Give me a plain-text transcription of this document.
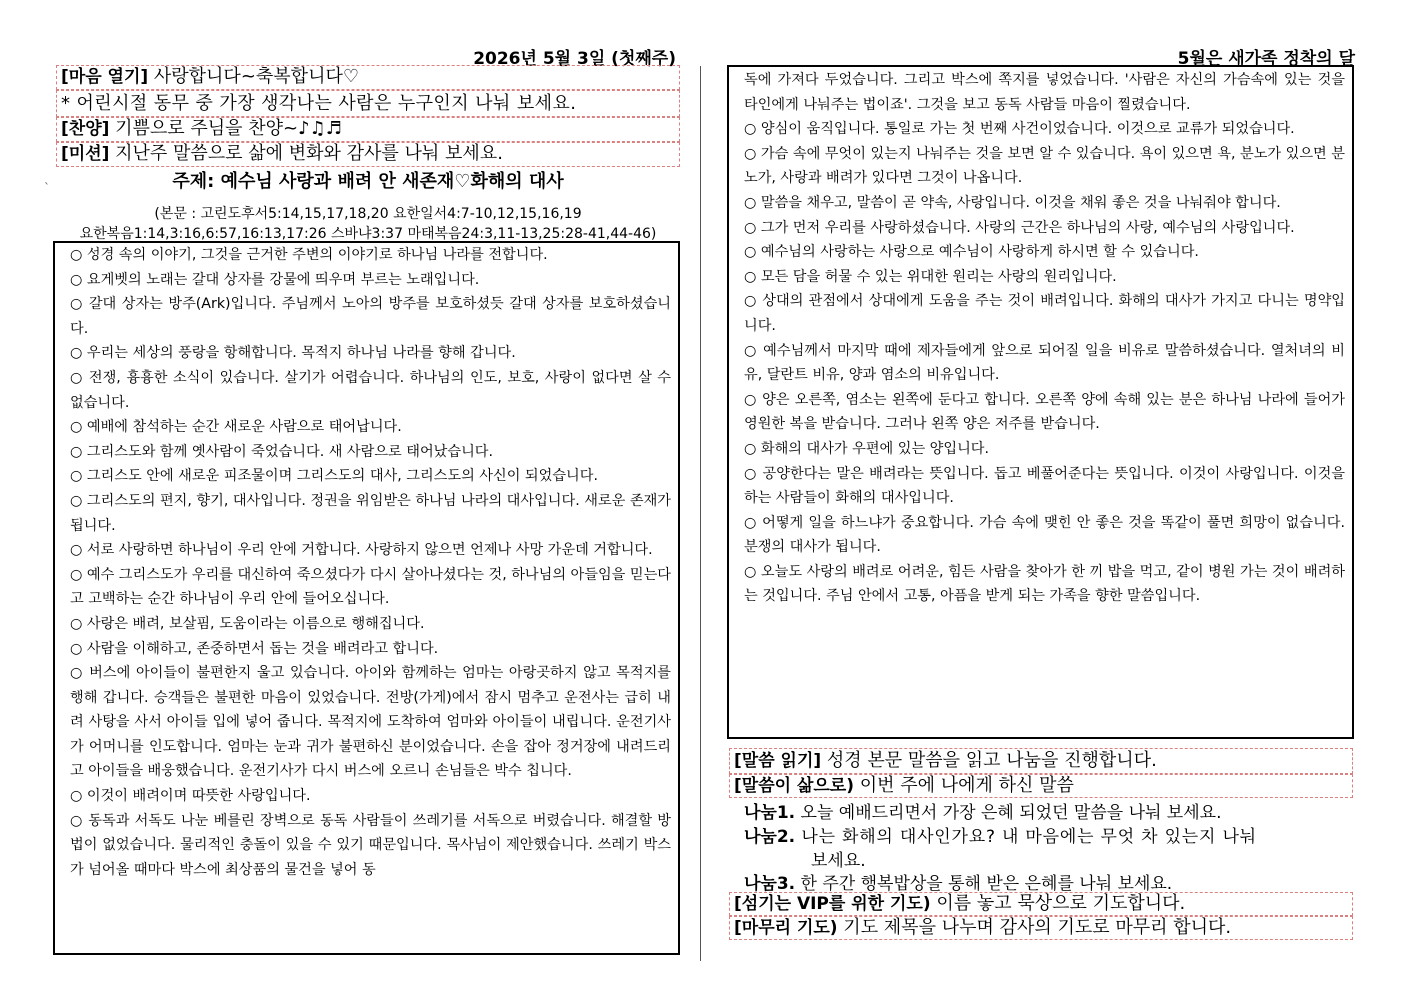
2026년 5월 3일 (첫째주)	5월은 새가족 정착의 달
[마음 열기] 사랑합니다~축복합니다♡
* 어린시절 동무 중 가장 생각나는 사람은 누구인지 나눠 보세요.
[찬양] 기쁨으로 주님을 찬양~♪♫♬
[미션] 지난주 말씀으로 삶에 변화와 감사를 나눠 보세요.
`	주제: 예수님 사랑과 배려 안 새존재♡화해의 대사
(본문 : 고린도후서5:14,15,17,18,20 요한일서4:7-10,12,15,16,19
요한복음1:14,3:16,6:57,16:13,17:26 스바냐3:37 마태복음24:3,11-13,25:28-41,44-46)

○ 성경 속의 이야기, 그것을 근거한 주변의 이야기로 하나님 나라를 전합니다.

○ 요게벳의 노래는 갈대 상자를 강물에 띄우며 부르는 노래입니다.

○ 갈대 상자는 방주(Ark)입니다. 주님께서 노아의 방주를 보호하셨듯 갈대 상자를 보호하셨습니다.

○ 우리는 세상의 풍랑을 항해합니다. 목적지 하나님 나라를 향해 갑니다.

○ 전쟁, 흉흉한 소식이 있습니다. 살기가 어렵습니다. 하나님의 인도, 보호, 사랑이 없다면 살 수 없습니다.

○ 예배에 참석하는 순간 새로운 사람으로 태어납니다.

○ 그리스도와 함께 옛사람이 죽었습니다. 새 사람으로 태어났습니다.

○ 그리스도 안에 새로운 피조물이며 그리스도의 대사, 그리스도의 사신이 되었습니다.

○ 그리스도의 편지, 향기, 대사입니다. 정권을 위임받은 하나님 나라의 대사입니다. 새로운 존재가 됩니다.

○ 서로 사랑하면 하나님이 우리 안에 거합니다. 사랑하지 않으면 언제나 사망 가운데 거합니다.

○ 예수 그리스도가 우리를 대신하여 죽으셨다가 다시 살아나셨다는 것, 하나님의 아들임을 믿는다고 고백하는 순간 하나님이 우리 안에 들어오십니다.

○ 사랑은 배려, 보살핌, 도움이라는 이름으로 행해집니다.

○ 사람을 이해하고, 존중하면서 돕는 것을 배려라고 합니다.

○ 버스에 아이들이 불편한지 울고 있습니다. 아이와 함께하는 엄마는 아랑곳하지 않고 목적지를 행해 갑니다. 승객들은 불편한 마음이 있었습니다. 전방(가게)에서 잠시 멈추고 운전사는 급히 내려 사탕을 사서 아이들 입에 넣어 줍니다. 목적지에 도착하여 엄마와 아이들이 내립니다. 운전기사가 어머니를 인도합니다. 엄마는 눈과 귀가 불편하신 분이었습니다. 손을 잡아 정거장에 내려드리고 아이들을 배웅했습니다. 운전기사가 다시 버스에 오르니 손님들은 박수 칩니다.

○ 이것이 배려이며 따뜻한 사랑입니다.

○ 동독과 서독도 나눈 베를린 장벽으로 동독 사람들이 쓰레기를 서독으로 버렸습니다. 해결할 방법이 없었습니다. 물리적인 충돌이 있을 수 있기 때문입니다. 목사님이 제안했습니다. 쓰레기 박스가 넘어올 때마다 박스에 최상품의 물건을 넣어 동

독에 가져다 두었습니다. 그리고 박스에 쪽지를 넣었습니다. '사람은 자신의 가슴속에 있는 것을 타인에게 나눠주는 법이죠'. 그것을 보고 동독 사람들 마음이 찔렸습니다.

○ 양심이 움직입니다. 통일로 가는 첫 번째 사건이었습니다. 이것으로 교류가 되었습니다.

○ 가슴 속에 무엇이 있는지 나눠주는 것을 보면 알 수 있습니다. 욕이 있으면 욕, 분노가 있으면 분노가, 사랑과 배려가 있다면 그것이 나옵니다.

○ 말씀을 채우고, 말씀이 곧 약속, 사랑입니다. 이것을 채워 좋은 것을 나눠줘야 합니다.

○ 그가 먼저 우리를 사랑하셨습니다. 사랑의 근간은 하나님의 사랑, 예수님의 사랑입니다.

○ 예수님의 사랑하는 사랑으로 예수님이 사랑하게 하시면 할 수 있습니다.

○ 모든 담을 허물 수 있는 위대한 원리는 사랑의 원리입니다.

○ 상대의 관점에서 상대에게 도움을 주는 것이 배려입니다. 화해의 대사가 가지고 다니는 명약입니다.

○ 예수님께서 마지막 때에 제자들에게 앞으로 되어질 일을 비유로 말씀하셨습니다. 열처녀의 비유, 달란트 비유, 양과 염소의 비유입니다.

○ 양은 오른쪽, 염소는 왼쪽에 둔다고 합니다. 오른쪽 양에 속해 있는 분은 하나님 나라에 들어가 영원한 복을 받습니다. 그러나 왼쪽 양은 저주를 받습니다.

○ 화해의 대사가 우편에 있는 양입니다.

○ 공양한다는 말은 배려라는 뜻입니다. 돕고 베풀어준다는 뜻입니다. 이것이 사랑입니다. 이것을 하는 사람들이 화해의 대사입니다.

○ 어떻게 일을 하느냐가 중요합니다. 가슴 속에 맺힌 안 좋은 것을 똑같이 풀면 희망이 없습니다. 분쟁의 대사가 됩니다.

○ 오늘도 사랑의 배려로 어려운, 힘든 사람을 찾아가 한 끼 밥을 먹고, 같이 병원 가는 것이 배려하는 것입니다. 주님 안에서 고통, 아픔을 받게 되는 가족을 향한 말씀입니다.

[말씀 읽기] 성경 본문 말씀을 읽고 나눔을 진행합니다.
[말씀이 삶으로) 이번 주에 나에게 하신 말씀
나눔1. 오늘 예배드리면서 가장 은혜 되었던 말씀을 나눠 보세요.
나눔2. 나는 화해의 대사인가요? 내 마음에는 무엇 차 있는지 나눠
보세요.
나눔3. 한 주간 행복밥상을 통해 받은 은혜를 나눠 보세요.
[섬기는 VIP를 위한 기도) 이름 놓고 묵상으로 기도합니다.
[마무리 기도) 기도 제목을 나누며 감사의 기도로 마무리 합니다.
